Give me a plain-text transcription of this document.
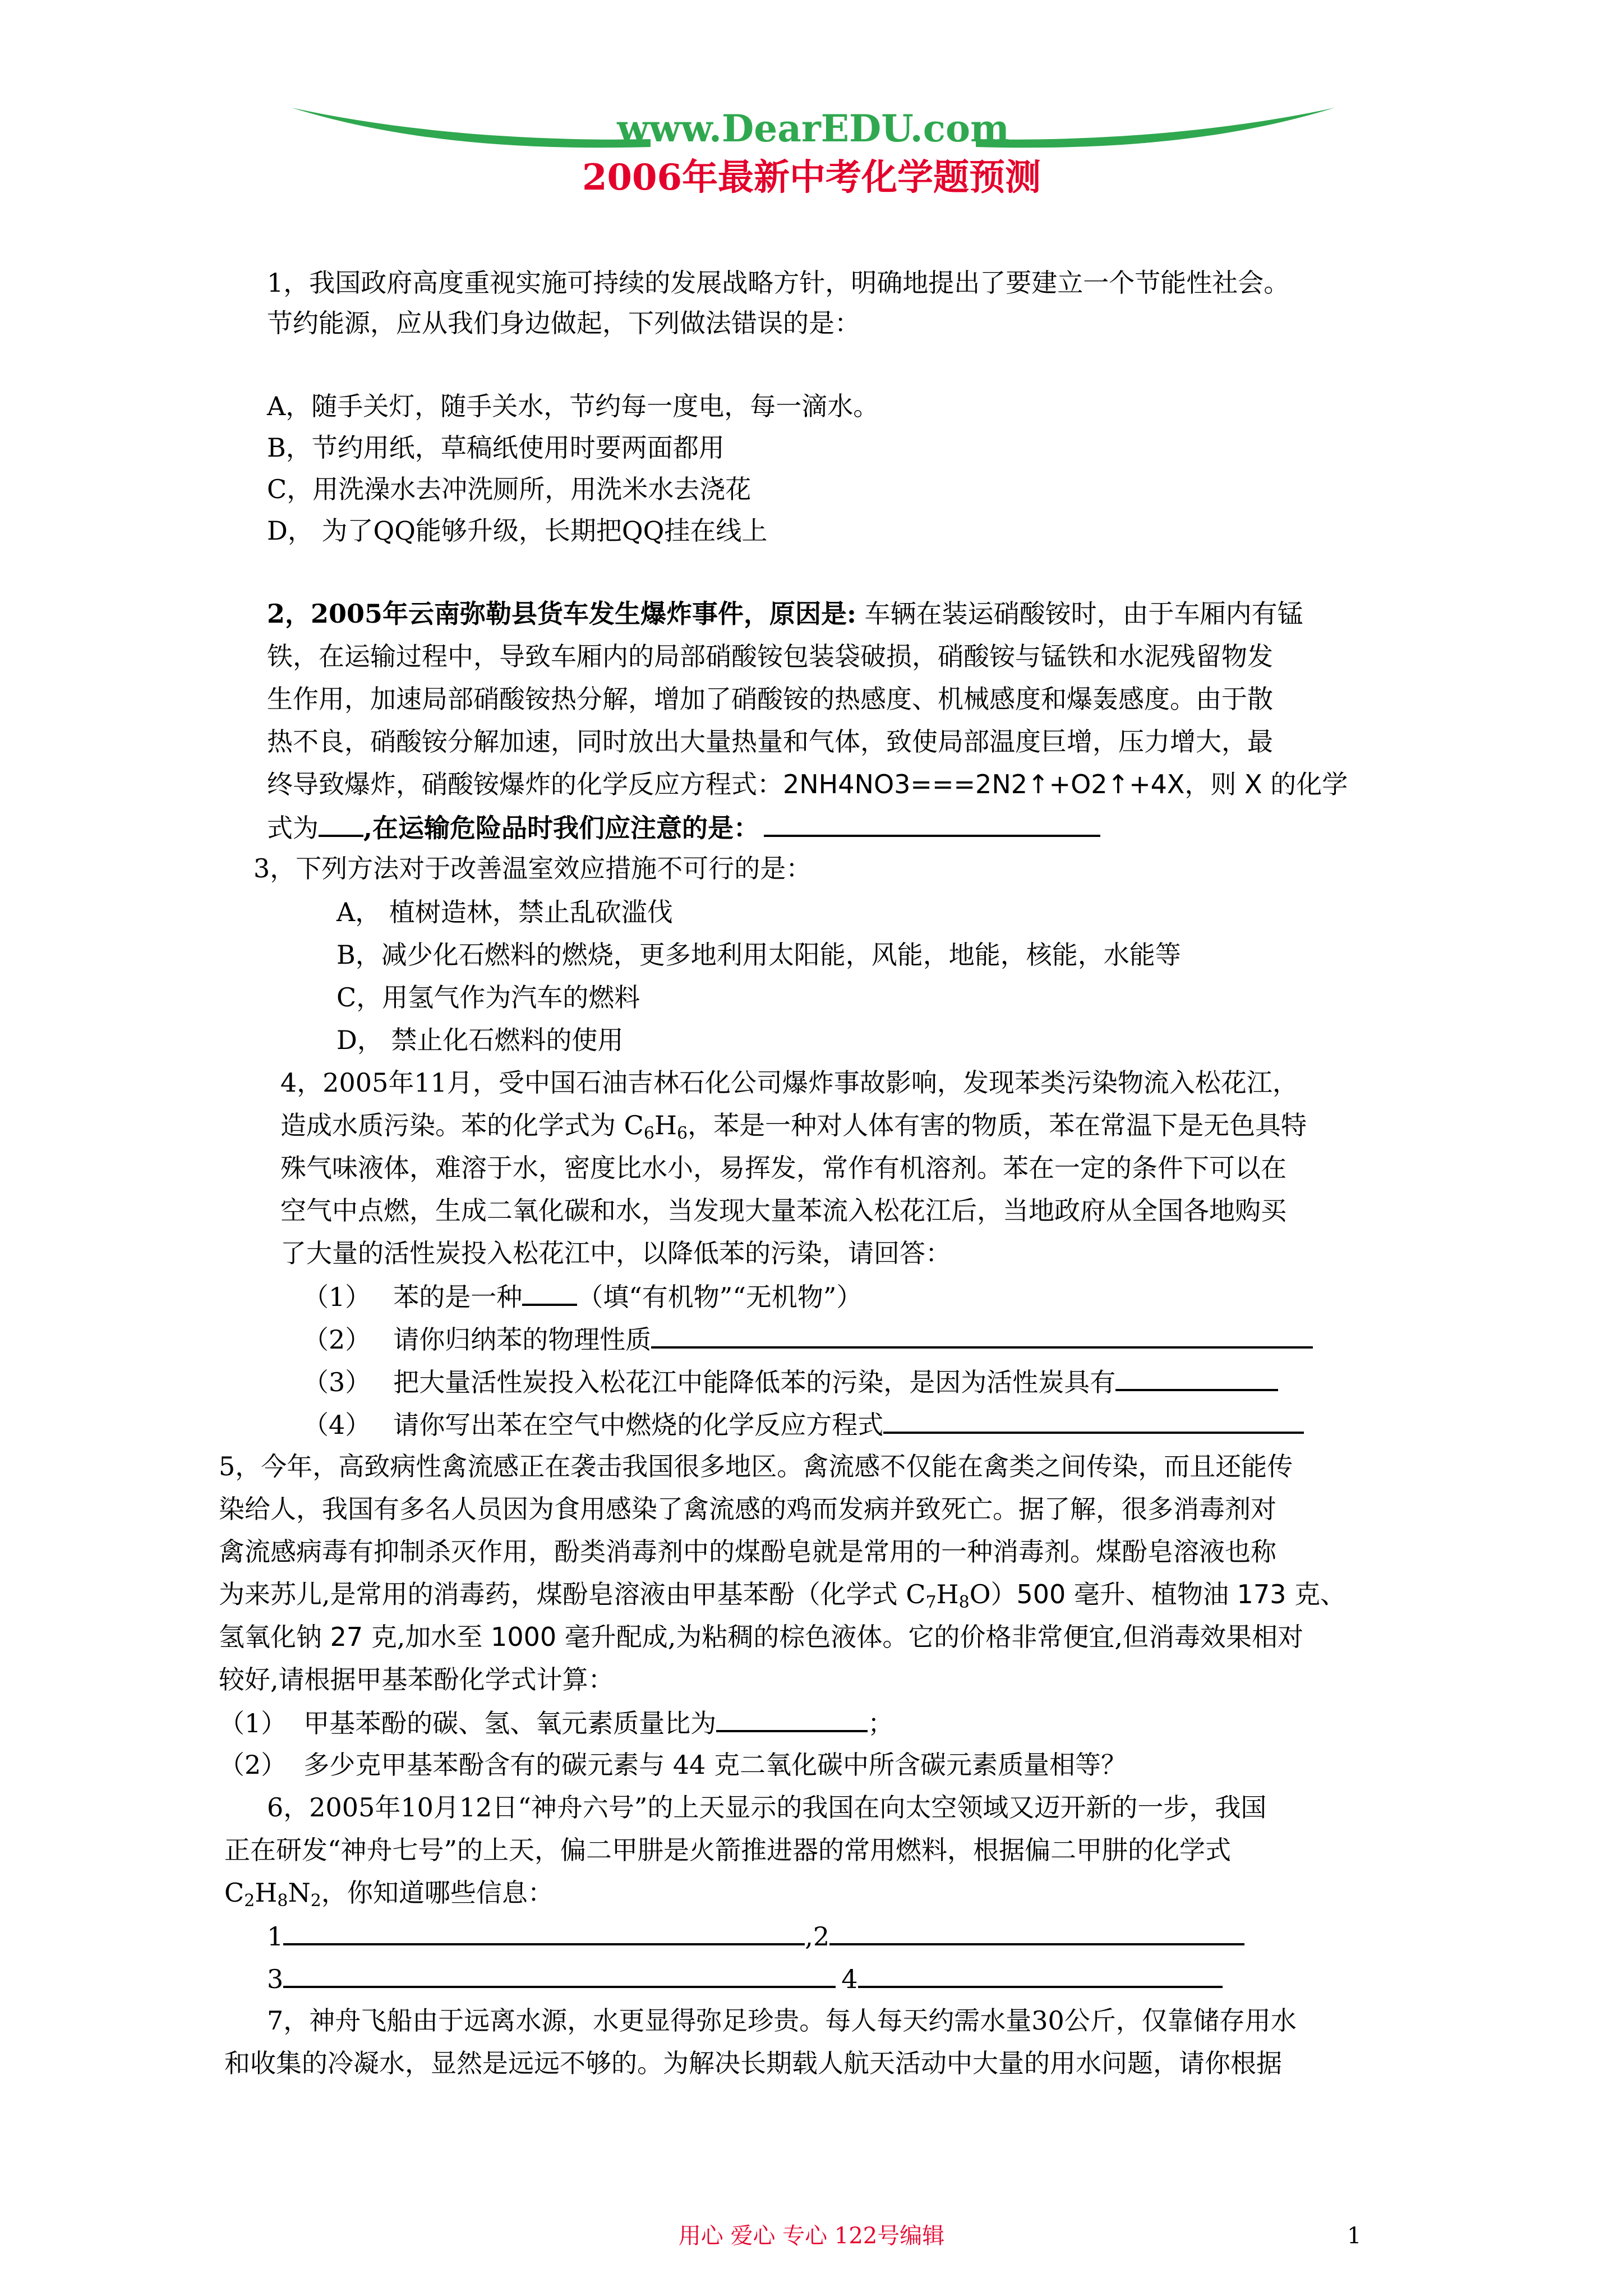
www.DearEDU.com
2006年最新中考化学题预测
1，我国政府高度重视实施可持续的发展战略方针，明确地提出了要建立一个节能性社会。
节约能源，应从我们身边做起，下列做法错误的是：
A，随手关灯，随手关水，节约每一度电，每一滴水。
B，节约用纸，草稿纸使用时要两面都用
C，用洗澡水去冲洗厕所，用洗米水去浇花
D， 为了QQ能够升级，长期把QQ挂在线上
2，2005年云南弥勒县货车发生爆炸事件，原因是: 车辆在装运硝酸铵时，由于车厢内有锰
铁，在运输过程中，导致车厢内的局部硝酸铵包装袋破损，硝酸铵与锰铁和水泥残留物发
生作用，加速局部硝酸铵热分解，增加了硝酸铵的热感度、机械感度和爆轰感度。由于散
热不良，硝酸铵分解加速，同时放出大量热量和气体，致使局部温度巨增，压力增大，最
终导致爆炸，硝酸铵爆炸的化学反应方程式：2NH4NO3===2N2↑+O2↑+4X，则 X 的化学
式为 ,在运输危险品时我们应注意的是：
3，下列方法对于改善温室效应措施不可行的是：
A， 植树造林，禁止乱砍滥伐
B，减少化石燃料的燃烧，更多地利用太阳能，风能，地能，核能，水能等
C，用氢气作为汽车的燃料
D， 禁止化石燃料的使用
4，2005年11月，受中国石油吉林石化公司爆炸事故影响，发现苯类污染物流入松花江，
造成水质污染。苯的化学式为 $C_6H_6$，苯是一种对人体有害的物质，苯在常温下是无色具特
殊气味液体，难溶于水，密度比水小，易挥发，常作有机溶剂。苯在一定的条件下可以在
空气中点燃，生成二氧化碳和水，当发现大量苯流入松花江后，当地政府从全国各地购买
了大量的活性炭投入松花江中，以降低苯的污染，请回答：
（1） 苯的是一种 （填“有机物”“无机物”）
（2） 请你归纳苯的物理性质
（3） 把大量活性炭投入松花江中能降低苯的污染，是因为活性炭具有
（4） 请你写出苯在空气中燃烧的化学反应方程式
5，今年，高致病性禽流感正在袭击我国很多地区。禽流感不仅能在禽类之间传染，而且还能传
染给人，我国有多名人员因为食用感染了禽流感的鸡而发病并致死亡。据了解，很多消毒剂对
禽流感病毒有抑制杀灭作用，酚类消毒剂中的煤酚皂就是常用的一种消毒剂。煤酚皂溶液也称
为来苏儿,是常用的消毒药，煤酚皂溶液由甲基苯酚（化学式 $C_7H_8O)500$ 毫升、植物油 173 克、
氢氧化钠 27 克,加水至 1000 毫升配成,为粘稠的棕色液体。它的价格非常便宜,但消毒效果相对
较好,请根据甲基苯酚化学式计算：
（1） 甲基苯酚的碳、氢、氧元素质量比为	；
（2） 多少克甲基苯酚含有的碳元素与 44 克二氧化碳中所含碳元素质量相等？
6，2005年10月12日“神舟六号”的上天显示的我国在向太空领域又迈开新的一步，我国
正在研发“神舟七号”的上天，偏二甲肼是火箭推进器的常用燃料，根据偏二甲肼的化学式
$C_2H_8N_2$，你知道哪些信息：
1	,2
3	4
7，神舟飞船由于远离水源，水更显得弥足珍贵。每人每天约需水量30公斤，仅靠储存用水
和收集的冷凝水，显然是远远不够的。为解决长期载人航天活动中大量的用水问题，请你根据
用心 爱心 专心 122号编辑	1
